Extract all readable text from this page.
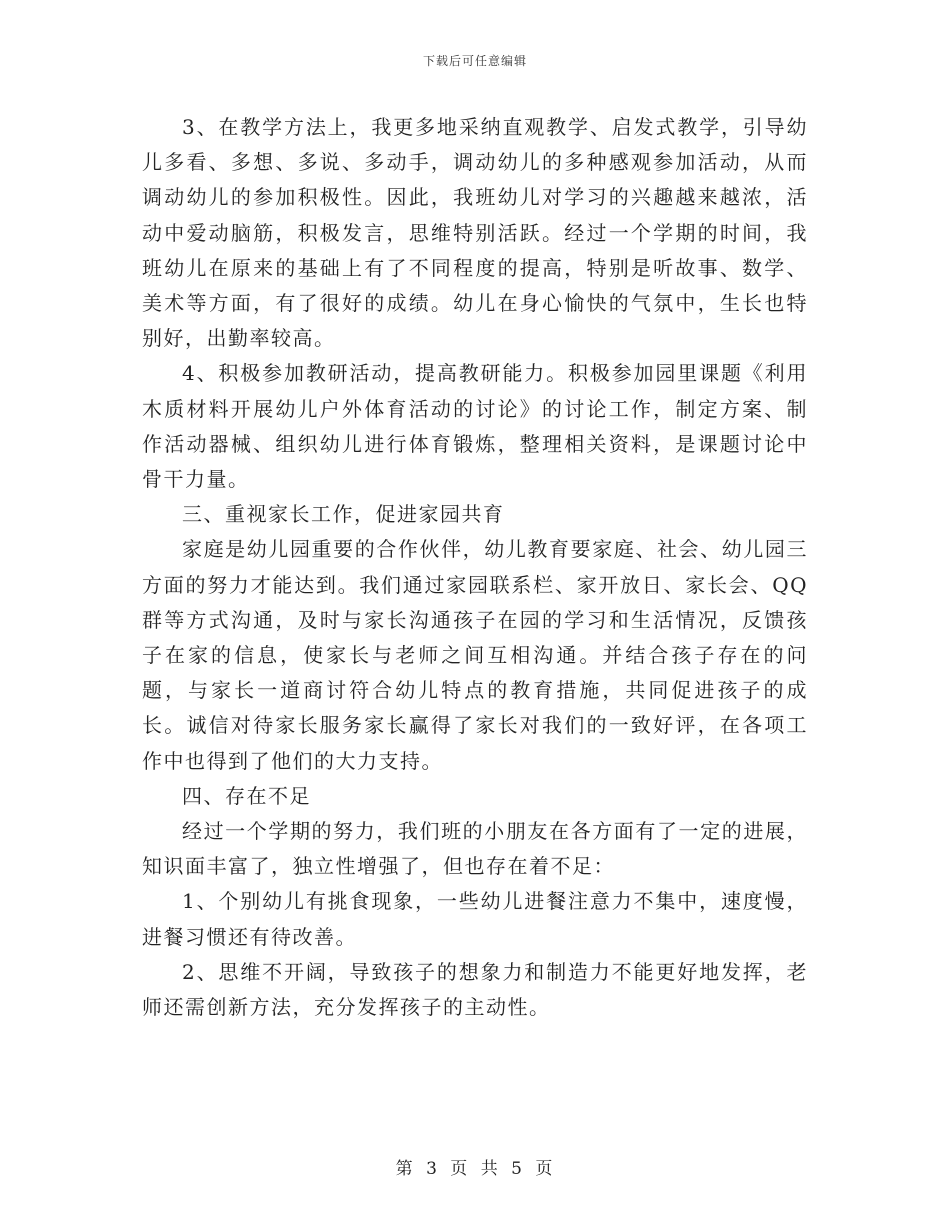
下载后可任意编辑

3、在教学方法上，我更多地采纳直观教学、启发式教学，引导幼儿多看、多想、多说、多动手，调动幼儿的多种感观参加活动，从而调动幼儿的参加积极性。因此，我班幼儿对学习的兴趣越来越浓，活动中爱动脑筋，积极发言，思维特别活跃。经过一个学期的时间，我班幼儿在原来的基础上有了不同程度的提高，特别是听故事、数学、美术等方面，有了很好的成绩。幼儿在身心愉快的气氛中，生长也特别好，出勤率较高。

4、积极参加教研活动，提高教研能力。积极参加园里课题《利用木质材料开展幼儿户外体育活动的讨论》的讨论工作，制定方案、制作活动器械、组织幼儿进行体育锻炼，整理相关资料，是课题讨论中骨干力量。

三、重视家长工作，促进家园共育

家庭是幼儿园重要的合作伙伴，幼儿教育要家庭、社会、幼儿园三方面的努力才能达到。我们通过家园联系栏、家开放日、家长会、QQ群等方式沟通，及时与家长沟通孩子在园的学习和生活情况，反馈孩子在家的信息，使家长与老师之间互相沟通。并结合孩子存在的问题，与家长一道商讨符合幼儿特点的教育措施，共同促进孩子的成长。诚信对待家长服务家长赢得了家长对我们的一致好评，在各项工作中也得到了他们的大力支持。

四、存在不足

经过一个学期的努力，我们班的小朋友在各方面有了一定的进展，知识面丰富了，独立性增强了，但也存在着不足：

1、个别幼儿有挑食现象，一些幼儿进餐注意力不集中，速度慢，进餐习惯还有待改善。

2、思维不开阔，导致孩子的想象力和制造力不能更好地发挥，老师还需创新方法，充分发挥孩子的主动性。

第 3 页 共 5 页
